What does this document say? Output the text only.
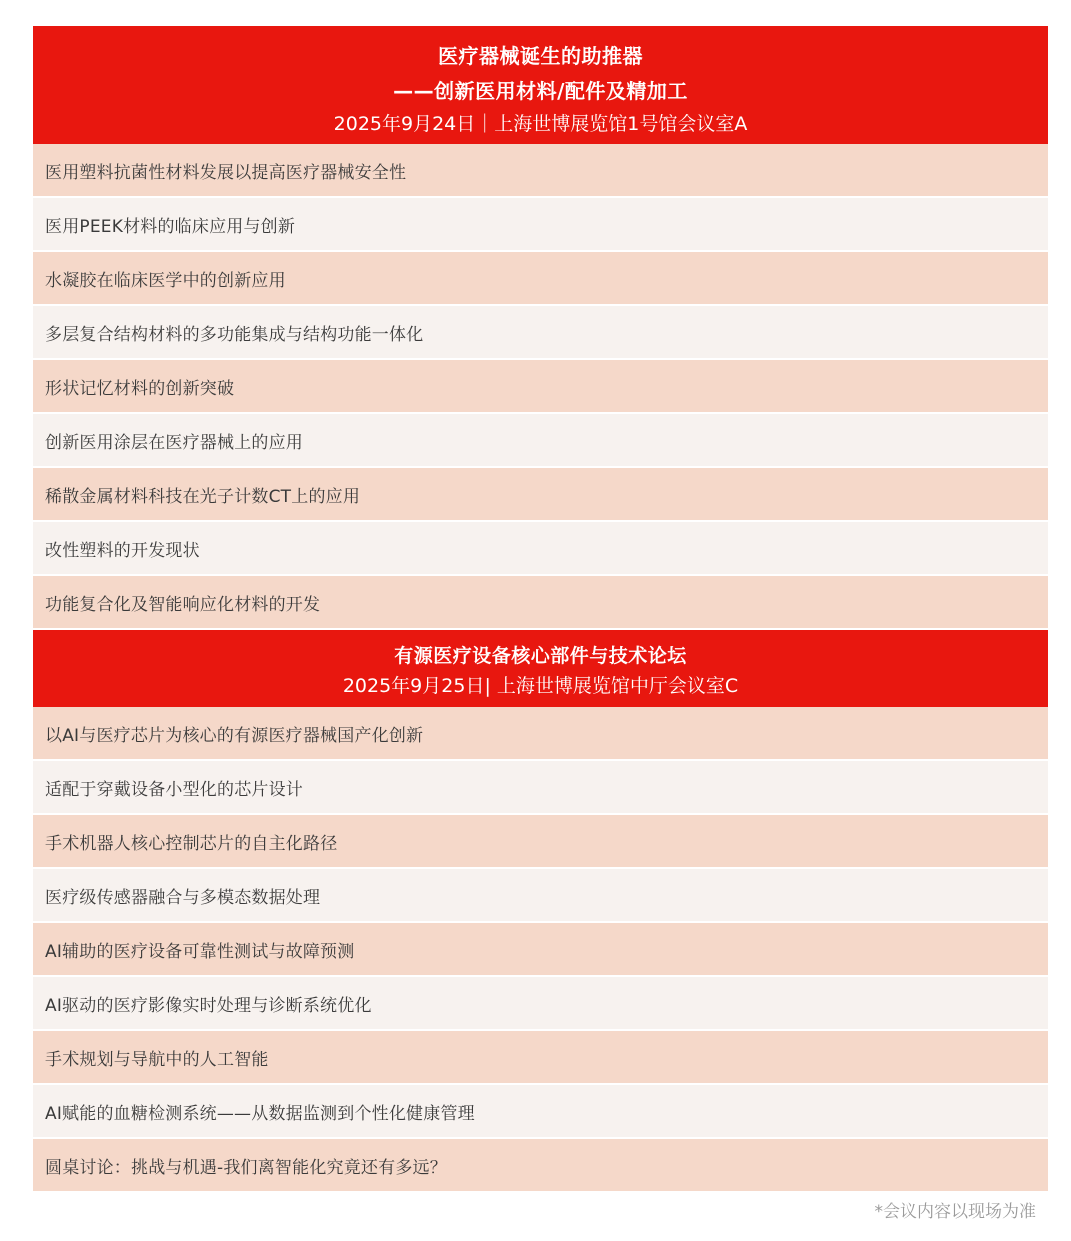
医疗器械诞生的助推器
——创新医用材料/配件及精加工
2025年9月24日｜上海世博展览馆1号馆会议室A
医用塑料抗菌性材料发展以提高医疗器械安全性
医用PEEK材料的临床应用与创新
水凝胶在临床医学中的创新应用
多层复合结构材料的多功能集成与结构功能一体化
形状记忆材料的创新突破
创新医用涂层在医疗器械上的应用
稀散金属材料科技在光子计数CT上的应用
改性塑料的开发现状
功能复合化及智能响应化材料的开发
有源医疗设备核心部件与技术论坛
2025年9月25日| 上海世博展览馆中厅会议室C
以AI与医疗芯片为核心的有源医疗器械国产化创新
适配于穿戴设备小型化的芯片设计
手术机器人核心控制芯片的自主化路径
医疗级传感器融合与多模态数据处理
AI辅助的医疗设备可靠性测试与故障预测
AI驱动的医疗影像实时处理与诊断系统优化
手术规划与导航中的人工智能
AI赋能的血糖检测系统——从数据监测到个性化健康管理
圆桌讨论：挑战与机遇-我们离智能化究竟还有多远？
*会议内容以现场为准
